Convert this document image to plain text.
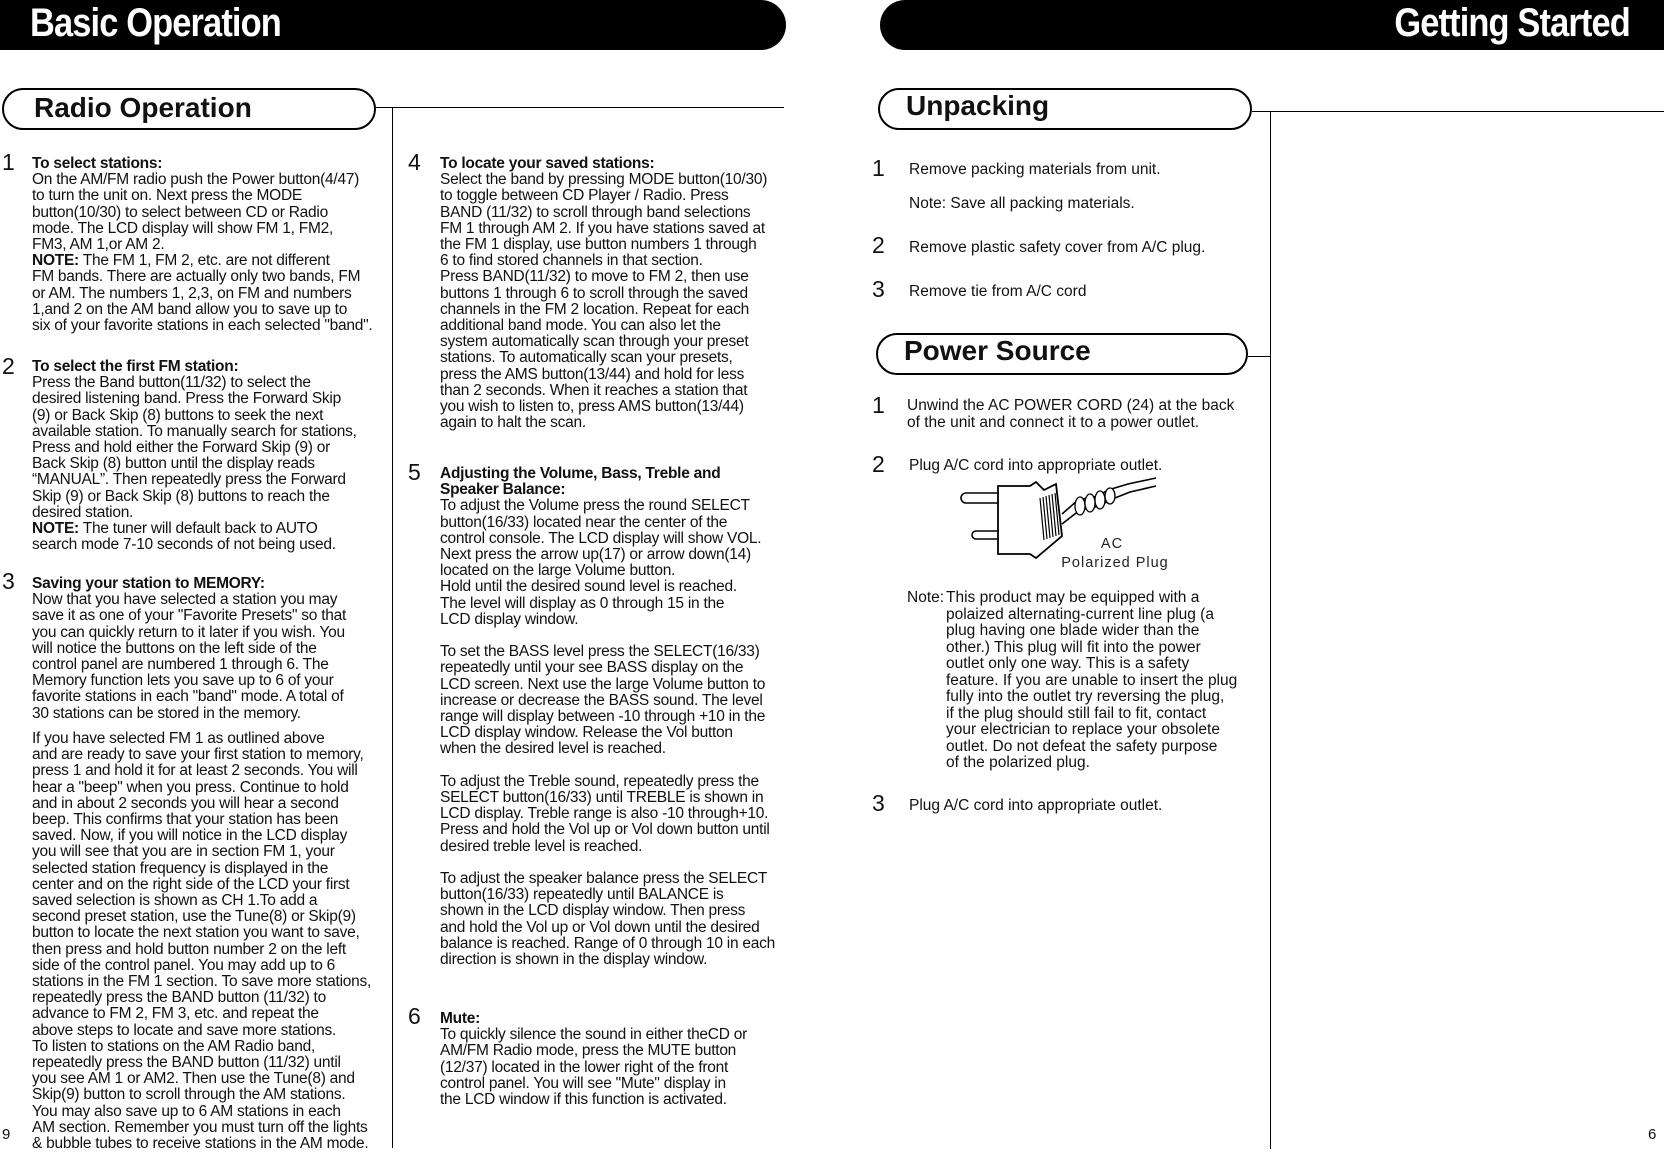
Basic Operation
Radio Operation
1 To select stations:
On the AM/FM radio push the Power button(4/47)
to turn the unit on. Next press the MODE
button(10/30) to select between CD or Radio
mode. The LCD display will show FM 1, FM2,
FM3, AM 1,or AM 2.
NOTE: The FM 1, FM 2, etc. are not different
FM bands. There are actually only two bands, FM
or AM. The numbers 1, 2,3, on FM and numbers
1,and 2 on the AM band allow you to save up to
six of your favorite stations in each selected "band".
2 To select the first FM station:
Press the Band button(11/32) to select the
desired listening band. Press the Forward Skip
(9) or Back Skip (8) buttons to seek the next
available station. To manually search for stations,
Press and hold either the Forward Skip (9) or
Back Skip (8) button until the display reads
“MANUAL”. Then repeatedly press the Forward
Skip (9) or Back Skip (8) buttons to reach the
desired station.
NOTE: The tuner will default back to AUTO
search mode 7-10 seconds of not being used.
3 Saving your station to MEMORY:
Now that you have selected a station you may
save it as one of your "Favorite Presets" so that
you can quickly return to it later if you wish. You
will notice the buttons on the left side of the
control panel are numbered 1 through 6. The
Memory function lets you save up to 6 of your
favorite stations in each "band" mode. A total of
30 stations can be stored in the memory.
If you have selected FM 1 as outlined above
and are ready to save your first station to memory,
press 1 and hold it for at least 2 seconds. You will
hear a "beep" when you press. Continue to hold
and in about 2 seconds you will hear a second
beep. This confirms that your station has been
saved. Now, if you will notice in the LCD display
you will see that you are in section FM 1, your
selected station frequency is displayed in the
center and on the right side of the LCD your first
saved selection is shown as CH 1.To add a
second preset station, use the Tune(8) or Skip(9)
button to locate the next station you want to save,
then press and hold button number 2 on the left
side of the control panel. You may add up to 6
stations in the FM 1 section. To save more stations,
repeatedly press the BAND button (11/32) to
advance to FM 2, FM 3, etc. and repeat the
above steps to locate and save more stations.
To listen to stations on the AM Radio band,
repeatedly press the BAND button (11/32) until
you see AM 1 or AM2. Then use the Tune(8) and
Skip(9) button to scroll through the AM stations.
You may also save up to 6 AM stations in each
AM section. Remember you must turn off the lights
& bubble tubes to receive stations in the AM mode.
9
4 To locate your saved stations:
Select the band by pressing MODE button(10/30)
to toggle between CD Player / Radio. Press
BAND (11/32) to scroll through band selections
FM 1 through AM 2. If you have stations saved at
the FM 1 display, use button numbers 1 through
6 to find stored channels in that section.
Press BAND(11/32) to move to FM 2, then use
buttons 1 through 6 to scroll through the saved
channels in the FM 2 location. Repeat for each
additional band mode. You can also let the
system automatically scan through your preset
stations. To automatically scan your presets,
press the AMS button(13/44) and hold for less
than 2 seconds. When it reaches a station that
you wish to listen to, press AMS button(13/44)
again to halt the scan.
5 Adjusting the Volume, Bass, Treble and
Speaker Balance:
To adjust the Volume press the round SELECT
button(16/33) located near the center of the
control console. The LCD display will show VOL.
Next press the arrow up(17) or arrow down(14)
located on the large Volume button.
Hold until the desired sound level is reached.
The level will display as 0 through 15 in the
LCD display window.

To set the BASS level press the SELECT(16/33)
repeatedly until your see BASS display on the
LCD screen. Next use the large Volume button to
increase or decrease the BASS sound. The level
range will display between -10 through +10 in the
LCD display window. Release the Vol button
when the desired level is reached.

To adjust the Treble sound, repeatedly press the
SELECT button(16/33) until TREBLE is shown in
LCD display. Treble range is also -10 through+10.
Press and hold the Vol up or Vol down button until
desired treble level is reached.

To adjust the speaker balance press the SELECT
button(16/33) repeatedly until BALANCE is
shown in the LCD display window. Then press
and hold the Vol up or Vol down until the desired
balance is reached. Range of 0 through 10 in each
direction is shown in the display window.
6 Mute:
To quickly silence the sound in either theCD or
AM/FM Radio mode, press the MUTE button
(12/37) located in the lower right of the front
control panel. You will see "Mute" display in
the LCD window if this function is activated.
Getting Started
Unpacking
1 Remove packing materials from unit.
Note: Save all packing materials.
2 Remove plastic safety cover from A/C plug.
3 Remove tie from A/C cord
Power Source
1 Unwind the AC POWER CORD (24) at the back
of the unit and connect it to a power outlet.
2 Plug A/C cord into appropriate outlet.
AC
Polarized Plug
Note: This product may be equipped with a
polaized alternating-current line plug (a
plug having one blade wider than the
other.) This plug will fit into the power
outlet only one way. This is a safety
feature. If you are unable to insert the plug
fully into the outlet try reversing the plug,
if the plug should still fail to fit, contact
your electrician to replace your obsolete
outlet. Do not defeat the safety purpose
of the polarized plug.
3 Plug A/C cord into appropriate outlet.
6
